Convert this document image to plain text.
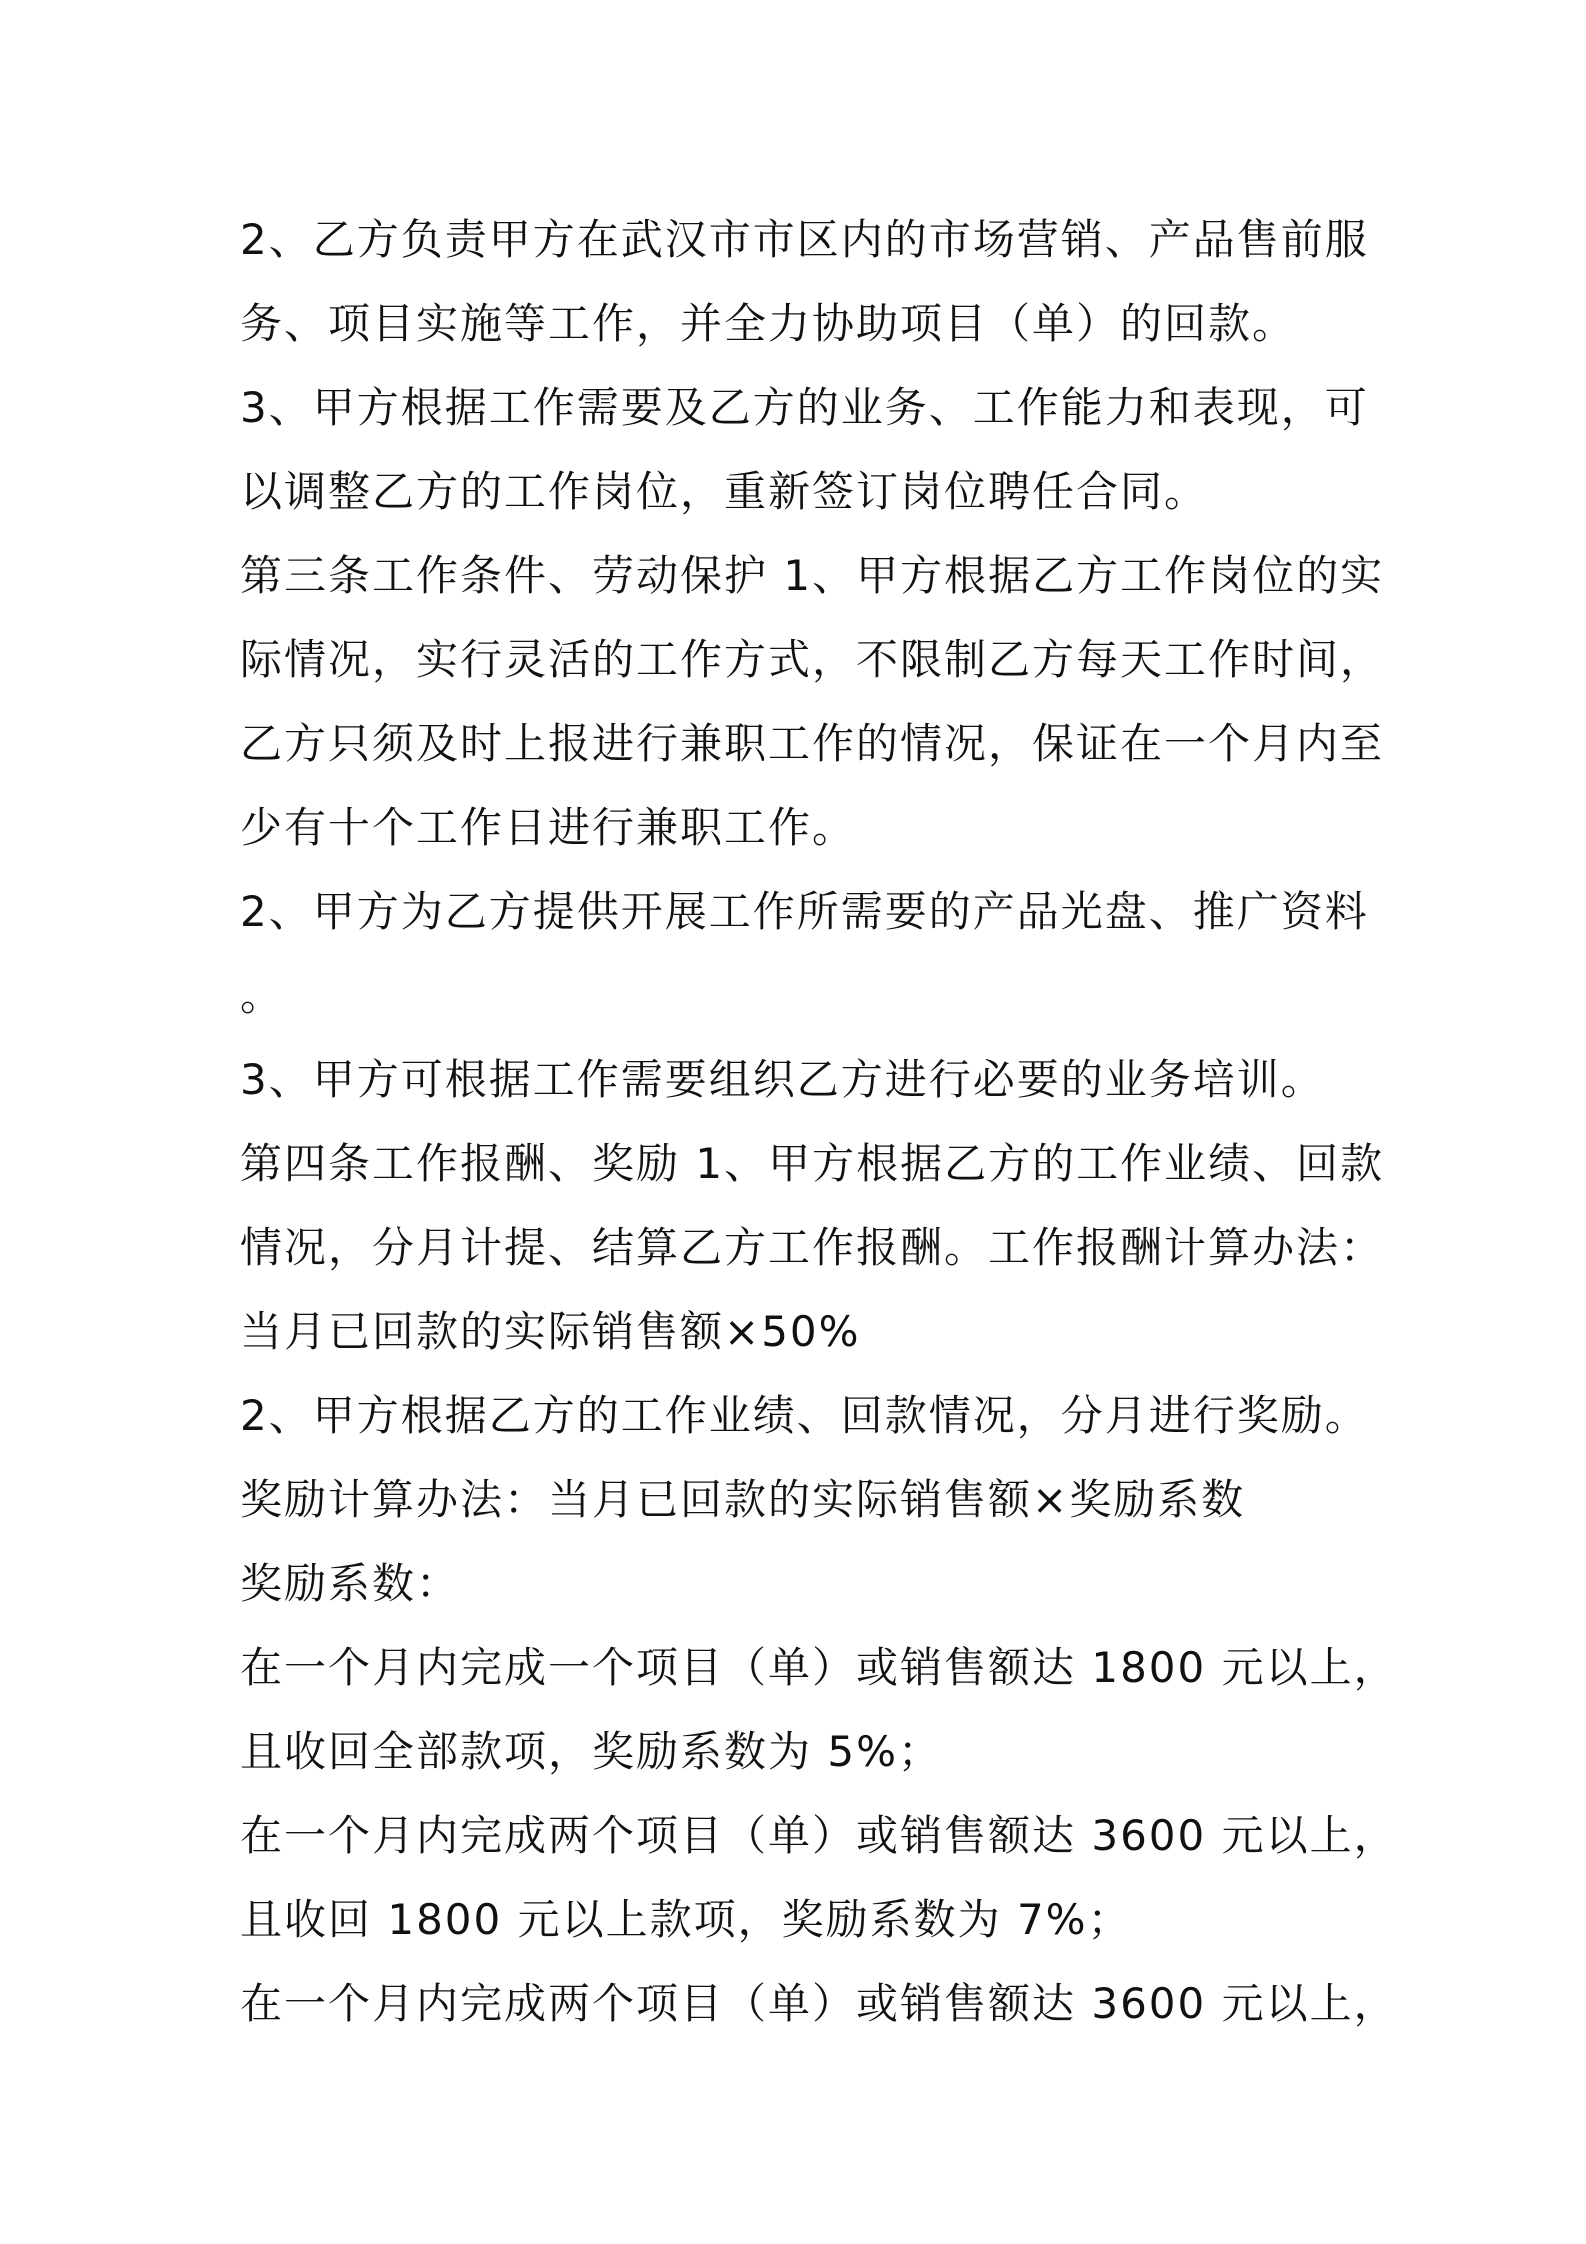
2、乙方负责甲方在武汉市市区内的市场营销、产品售前服
务、项目实施等工作，并全力协助项目（单）的回款。
3、甲方根据工作需要及乙方的业务、工作能力和表现，可
以调整乙方的工作岗位，重新签订岗位聘任合同。
第三条工作条件、劳动保护 1、甲方根据乙方工作岗位的实
际情况，实行灵活的工作方式，不限制乙方每天工作时间，
乙方只须及时上报进行兼职工作的情况，保证在一个月内至
少有十个工作日进行兼职工作。
2、甲方为乙方提供开展工作所需要的产品光盘、推广资料
。
3、甲方可根据工作需要组织乙方进行必要的业务培训。
第四条工作报酬、奖励 1、甲方根据乙方的工作业绩、回款
情况，分月计提、结算乙方工作报酬。工作报酬计算办法：
当月已回款的实际销售额×50%
2、甲方根据乙方的工作业绩、回款情况，分月进行奖励。
奖励计算办法：当月已回款的实际销售额×奖励系数
奖励系数：
在一个月内完成一个项目（单）或销售额达 1800 元以上，
且收回全部款项，奖励系数为 5%；
在一个月内完成两个项目（单）或销售额达 3600 元以上，
且收回 1800 元以上款项，奖励系数为 7%；
在一个月内完成两个项目（单）或销售额达 3600 元以上，
